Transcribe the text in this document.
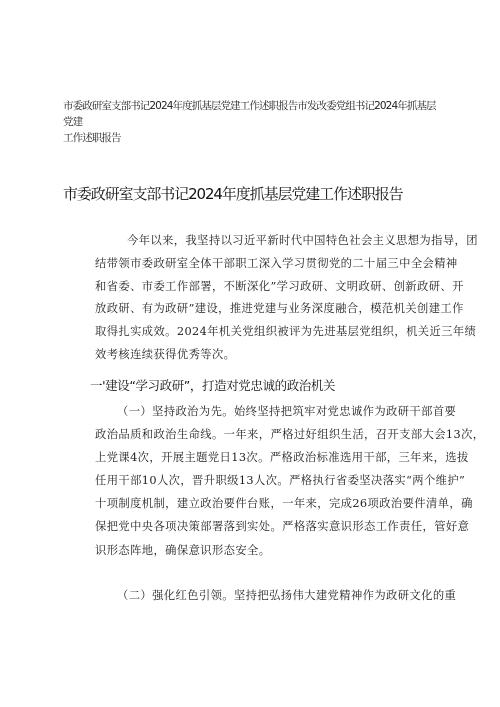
市委政研室支部书记2024年度抓基层党建工作述职报告市发改委党组书记2024年抓基层党建
工作述职报告
市委政研室支部书记2024年度抓基层党建工作述职报告
今年以来，我坚持以习近平新时代中国特色社会主义思想为指导，团
结带领市委政研室全体干部职工深入学习贯彻党的二十届三中全会精神
和省委、市委工作部署，不断深化”学习政研、文明政研、创新政研、开
放政研、有为政研”建设，推进党建与业务深度融合，模范机关创建工作
取得扎实成效。2024年机关党组织被评为先进基层党组织，机关近三年绩
效考核连续获得优秀等次。
一'建设“学习政研”，打造对党忠诚的政治机关
（一）坚持政治为先。始终坚持把筑牢对党忠诚作为政研干部首要
政治品质和政治生命线。一年来，严格过好组织生活，召开支部大会13次，
上党课4次，开展主题党日13次。严格政治标准选用干部，三年来，选拔
任用干部10人次，晋升职级13人次。严格执行省委坚决落实“两个维护”
十项制度机制，建立政治要件台账，一年来，完成26项政治要件清单，确
保把党中央各项决策部署落到实处。严格落实意识形态工作责任，管好意
识形态阵地，确保意识形态安全。
（二）强化红色引领。坚持把弘扬伟大建党精神作为政研文化的重
